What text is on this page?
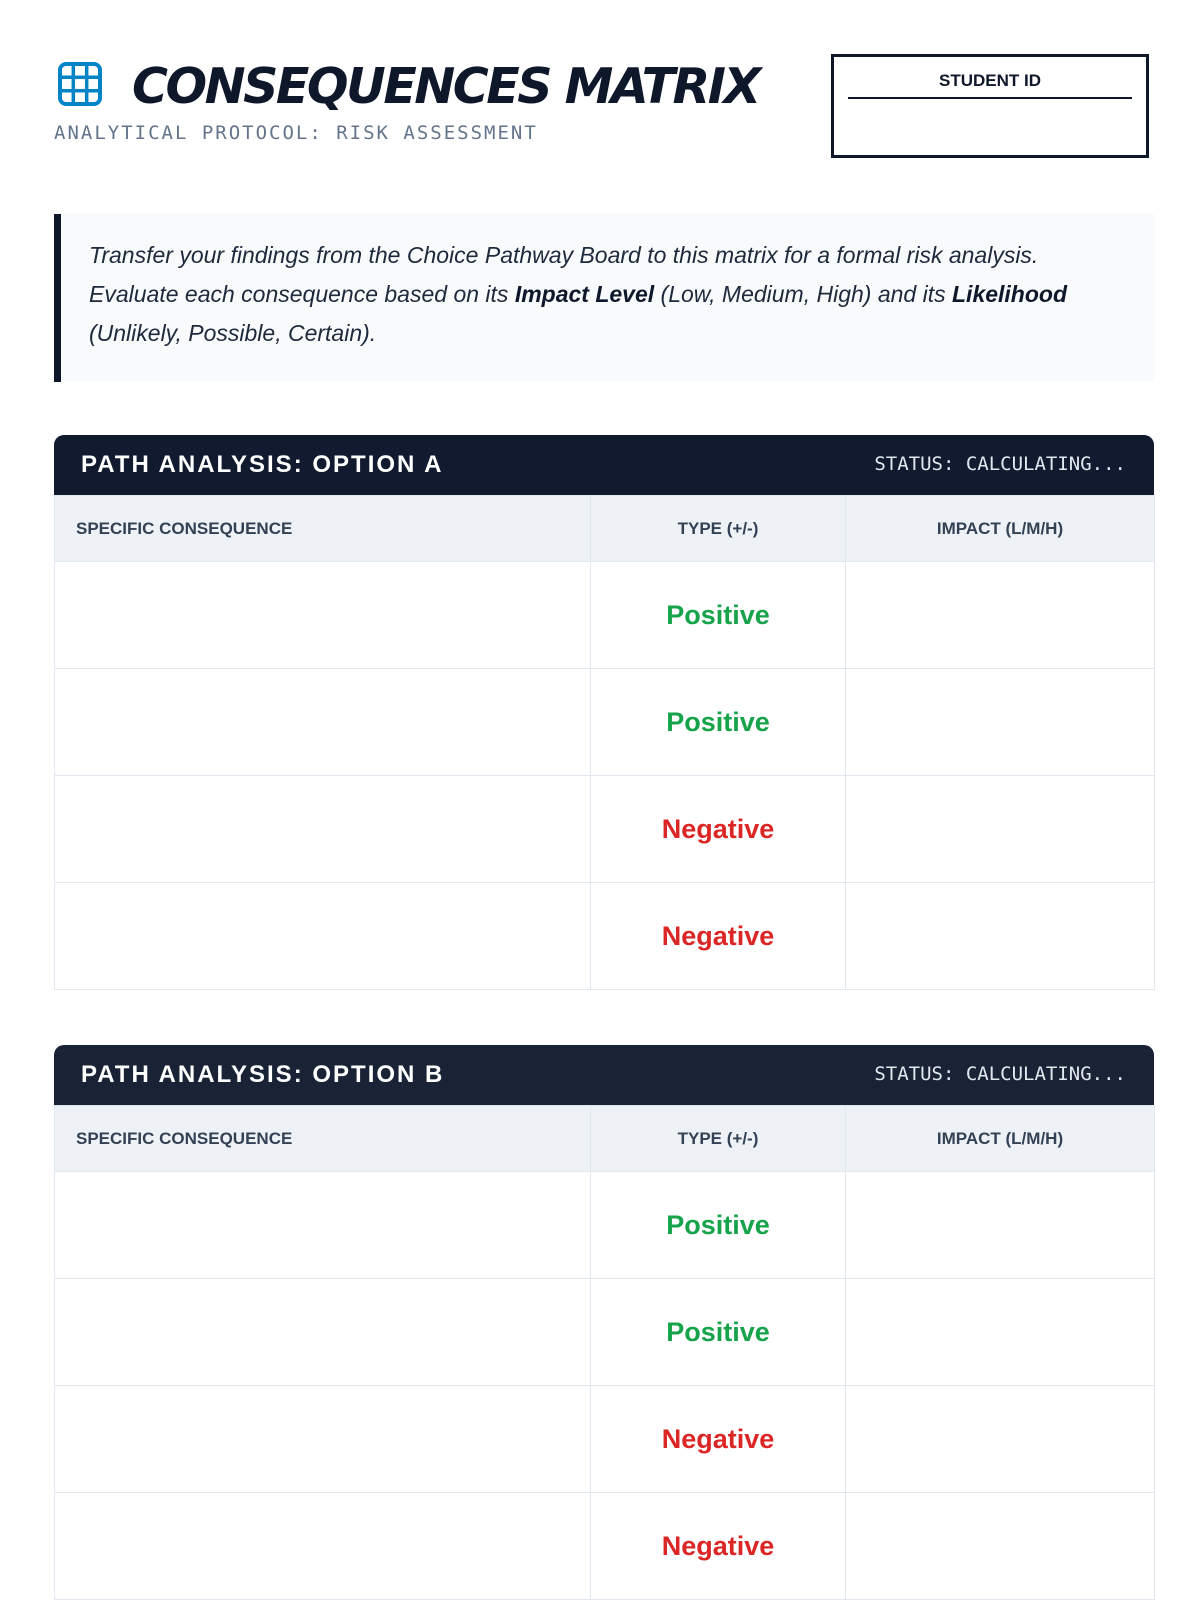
CONSEQUENCES MATRIX
ANALYTICAL PROTOCOL: RISK ASSESSMENT
STUDENT ID
Transfer your findings from the Choice Pathway Board to this matrix for a formal risk analysis. Evaluate each consequence based on its Impact Level (Low, Medium, High) and its Likelihood (Unlikely, Possible, Certain).
PATH ANALYSIS: OPTION A	STATUS: CALCULATING...
SPECIFIC CONSEQUENCE	TYPE (+/-)	IMPACT (L/M/H)
	Positive	
	Positive	
	Negative	
	Negative	
PATH ANALYSIS: OPTION B	STATUS: CALCULATING...
SPECIFIC CONSEQUENCE	TYPE (+/-)	IMPACT (L/M/H)
	Positive	
	Positive	
	Negative	
	Negative	
